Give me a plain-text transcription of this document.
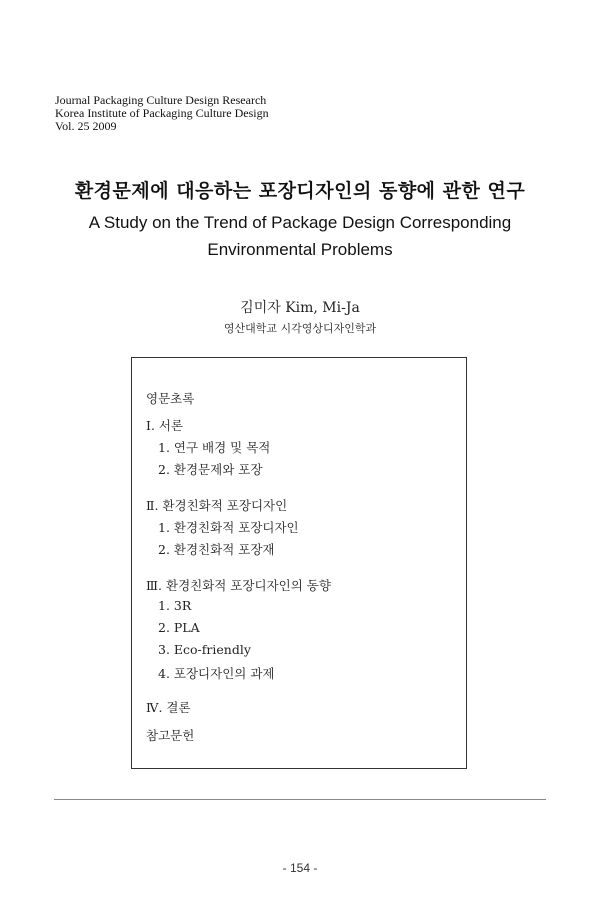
Journal Packaging Culture Design Research
Korea Institute of Packaging Culture Design
Vol. 25 2009
환경문제에 대응하는 포장디자인의 동향에 관한 연구
A Study on the Trend of Package Design Corresponding
Environmental Problems
김미자 Kim, Mi-Ja
영산대학교 시각영상디자인학과
영문초록
Ⅰ. 서론
1. 연구 배경 및 목적
2. 환경문제와 포장
Ⅱ. 환경친화적 포장디자인
1. 환경친화적 포장디자인
2. 환경친화적 포장재
Ⅲ. 환경친화적 포장디자인의 동향
1. 3R
2. PLA
3. Eco-friendly
4. 포장디자인의 과제
Ⅳ. 결론
참고문헌
- 154 -
